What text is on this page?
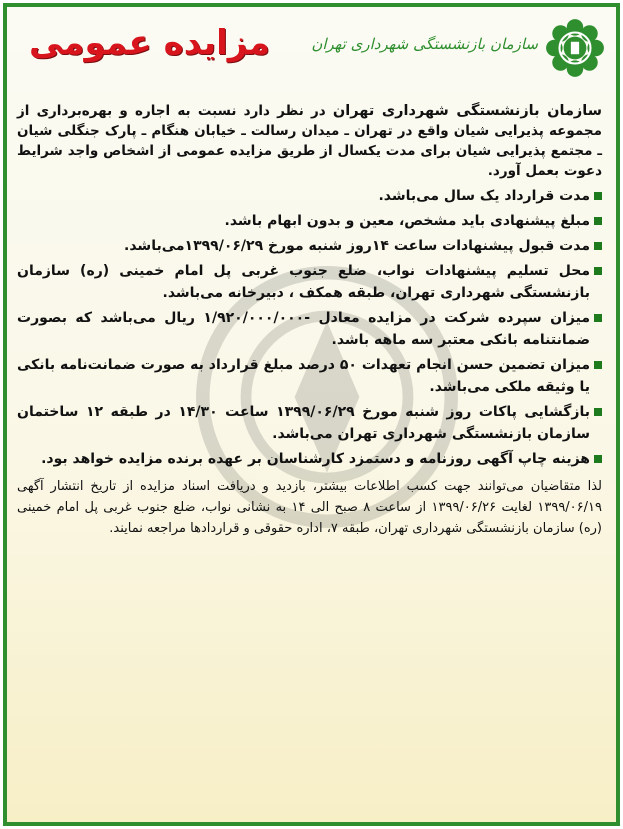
سازمان بازنشستگی شهرداری تهران
مزایده عمومی

سازمان بازنشستگی شهرداری تهران در نظر دارد نسبت به اجاره و بهره‌برداری از مجموعه پذیرایی شیان واقع در تهران ـ میدان رسالت ـ خیابان هنگام ـ پارک جنگلی شیان ـ مجتمع پذیرایی شیان برای مدت یکسال از طریق مزایده عمومی از اشخاص واجد شرایط دعوت بعمل آورد.

مدت قرارداد یک سال می‌باشد.
مبلغ پیشنهادی باید مشخص، معین و بدون ابهام باشد.
مدت قبول پیشنهادات ساعت ۱۴روز شنبه مورخ ۱۳۹۹/۰۶/۲۹می‌باشد.
محل تسلیم پیشنهادات نواب، ضلع جنوب غربی پل امام خمینی (ره) سازمان بازنشستگی شهرداری تهران، طبقه همکف ، دبیرخانه می‌باشد.
میزان سپرده شرکت در مزایده معادل -۱/۹۲۰/۰۰۰/۰۰۰ ریال می‌باشد که بصورت ضمانتنامه بانکی معتبر سه ماهه باشد.
میزان تضمین حسن انجام تعهدات ۵۰ درصد مبلغ قرارداد به صورت ضمانت‌نامه بانکی یا وثیقه ملکی می‌باشد.
بازگشایی پاکات روز شنبه مورخ ۱۳۹۹/۰۶/۲۹ ساعت ۱۴/۳۰ در طبقه ۱۲ ساختمان سازمان بازنشستگی شهرداری تهران می‌باشد.
هزینه چاپ آگهی روزنامه و دستمزد کارشناسان بر عهده برنده مزایده خواهد بود.

لذا متقاضیان می‌توانند جهت کسب اطلاعات بیشتر، بازدید و دریافت اسناد مزایده از تاریخ انتشار آگهی ۱۳۹۹/۰۶/۱۹ لغایت ۱۳۹۹/۰۶/۲۶ از ساعت ۸ صبح الی ۱۴ به نشانی نواب، ضلع جنوب غربی پل امام خمینی (ره) سازمان بازنشستگی شهرداری تهران، طبقه ۷، اداره حقوقی و قراردادها مراجعه نمایند.
